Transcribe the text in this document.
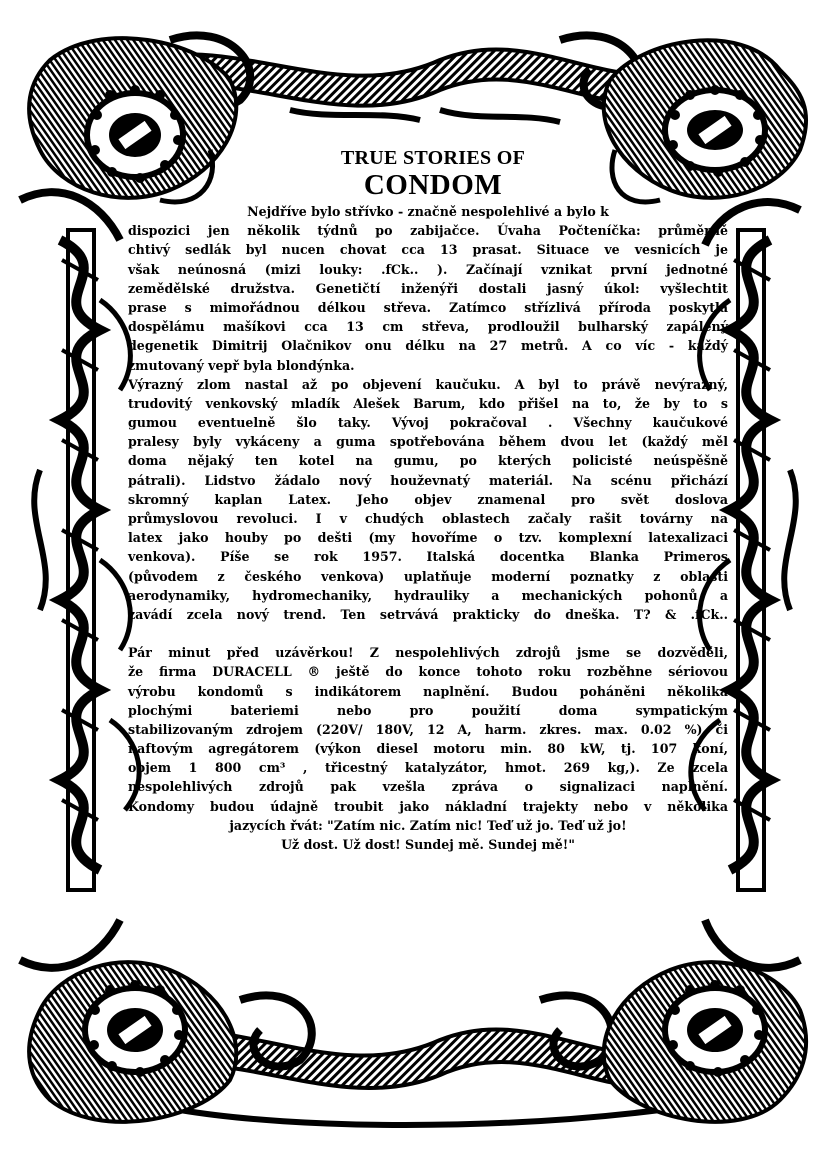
TRUE STORIES OF
CONDOM
Nejdříve bylo střívko - značně nespolehlivé a bylo k
dispozici jen několik týdnů po zabijačce. Úvaha Počteníčka: průměrně
chtivý sedlák byl nucen chovat cca 13 prasat. Situace ve vesnicích je
však neúnosná (mizi louky: .fCk.. ). Začínají vznikat první jednotné
zemědělské družstva. Genetičtí inženýři dostali jasný úkol: vyšlechtit
prase s mimořádnou délkou střeva. Zatímco střízlivá příroda poskytla
dospělámu mašíkovi cca 13 cm střeva, prodloužil bulharský zapálený
degenetik Dimitrij Olačnikov onu délku na 27 metrů. A co víc - každý
zmutovaný vepř byla blondýnka.
Výrazný zlom nastal až po objevení kaučuku. A byl to právě nevýrazný,
trudovitý venkovský mladík Alešek Barum, kdo přišel na to, že by to s
gumou eventuelně šlo taky. Vývoj pokračoval . Všechny kaučukové
pralesy byly vykáceny a guma spotřebována během dvou let (každý měl
doma nějaký ten kotel na gumu, po kterých policisté neúspěšně
pátrali). Lidstvo žádalo nový houževnatý materiál. Na scénu přichází
skromný kaplan Latex. Jeho objev znamenal pro svět doslova
průmyslovou revoluci. I v chudých oblastech začaly rašit továrny na
latex jako houby po dešti (my hovoříme o tzv. komplexní latexalizaci
venkova). Píše se rok 1957. Italská docentka Blanka Primeros
(původem z českého venkova) uplatňuje moderní poznatky z oblasti
aerodynamiky, hydromechaniky, hydrauliky a mechanických pohonů a
zavádí zcela nový trend. Ten setrvává prakticky do dneška. T? & .fCk..
Pár minut před uzávěrkou! Z nespolehlivých zdrojů jsme se dozvěděli,
že firma DURACELL ® ještě do konce tohoto roku rozběhne sériovou
výrobu kondomů s indikátorem naplnění. Budou poháněni několika
plochými bateriemi nebo pro použití doma sympatickým
stabilizovaným zdrojem (220V/ 180V, 12 A, harm. zkres. max. 0.02 %) či
naftovým agregátorem (výkon diesel motoru min. 80 kW, tj. 107 koní,
objem 1 800 cm³ , třicestný katalyzátor, hmot. 269 kg,). Ze zcela
nespolehlivých zdrojů pak vzešla zpráva o signalizaci naplnění.
Kondomy budou údajně troubit jako nákladní trajekty nebo v několika
jazycích řvát: "Zatím nic. Zatím nic! Teď už jo. Teď už jo!
Už dost. Už dost! Sundej mě. Sundej mě!"
